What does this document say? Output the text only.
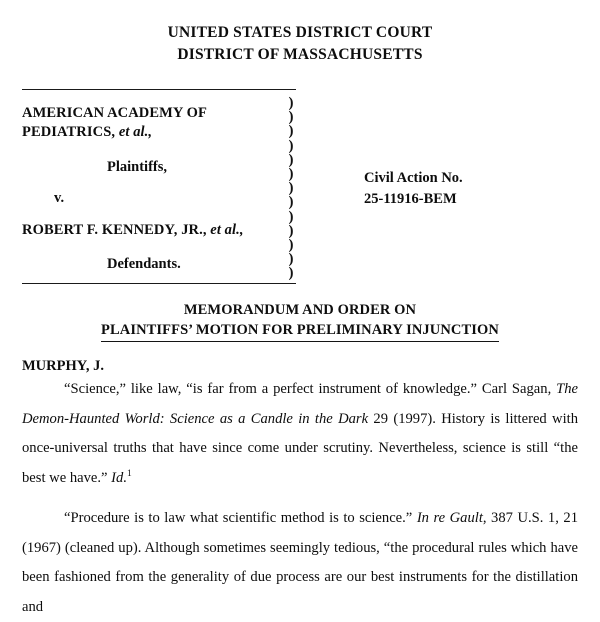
UNITED STATES DISTRICT COURT
DISTRICT OF MASSACHUSETTS
)
)
)
)
)
)
)
)
)
)
)
)
)
AMERICAN ACADEMY OF
PEDIATRICS, et al.,
Plaintiffs,
v.
ROBERT F. KENNEDY, JR., et al.,
Defendants.
Civil Action No.
25-11916-BEM
MEMORANDUM AND ORDER ON
PLAINTIFFS’ MOTION FOR PRELIMINARY INJUNCTION
MURPHY, J.

“Science,” like law, “is far from a perfect instrument of knowledge.” Carl Sagan, The Demon-Haunted World: Science as a Candle in the Dark 29 (1997). History is littered with once-universal truths that have since come under scrutiny. Nevertheless, science is still “the best we have.” Id.$^1$

“Procedure is to law what scientific method is to science.” In re Gault, 387 U.S. 1, 21 (1967) (cleaned up). Although sometimes seemingly tedious, “the procedural rules which have been fashioned from the generality of due process are our best instruments for the distillation and
